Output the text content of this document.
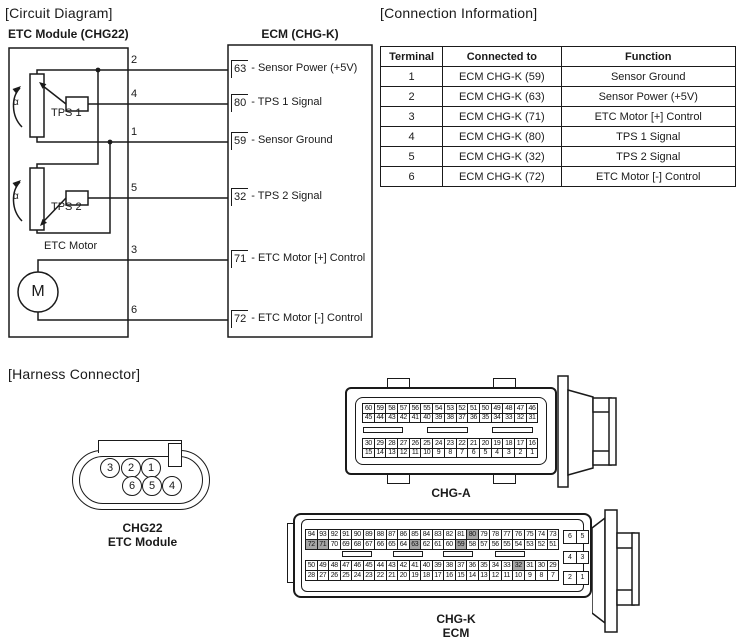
[Circuit Diagram]
ETC Module (CHG22)	ECM (CHG-K)
α
α
TPS 1
TPS 2
ETC Motor
M
2
4
1
5
3
6
63 - Sensor Power (+5V)
80 - TPS 1 Signal
59 - Sensor Ground
32 - TPS 2 Signal
71 - ETC Motor [+] Control
72 - ETC Motor [-] Control
[Connection Information]
Terminal	Connected to	Function
1	ECM CHG-K (59)	Sensor Ground
2	ECM CHG-K (63)	Sensor Power (+5V)
3	ECM CHG-K (71)	ETC Motor [+] Control
4	ECM CHG-K (80)	TPS 1 Signal
5	ECM CHG-K (32)	TPS 2 Signal
6	ECM CHG-K (72)	ETC Motor [-] Control
[Harness Connector]
3	2	1
6	5	4
CHG22
ETC Module
60 59 58 57 56 55 54 53 52 51 50 49 48 47 46
45 44 43 42 41 40 39 38 37 36 35 34 33 32 31
30 29 28 27 26 25 24 23 22 21 20 19 18 17 16
15 14 13 12 11 10 9	8	7	6	5	4	3	2	1
CHG-A
94 93 92 91 90 89 88 87 86 85 84 83 82 81 80 79 78 77 76 75 74 73
72 71 70 69 68 67 66 65 64 63 62 61 60 59 58 57 56 55 54 53 52 51
50 49 48 47 46 45 44 43 42 41 40 39 38 37 36 35 34 33 32 31 30 29
28 27 26 25 24 23 22 21 20 19 18 17 16 15 14 13 12 11 10 9	8	7
6	5
4	3
2	1
CHG-K
ECM
